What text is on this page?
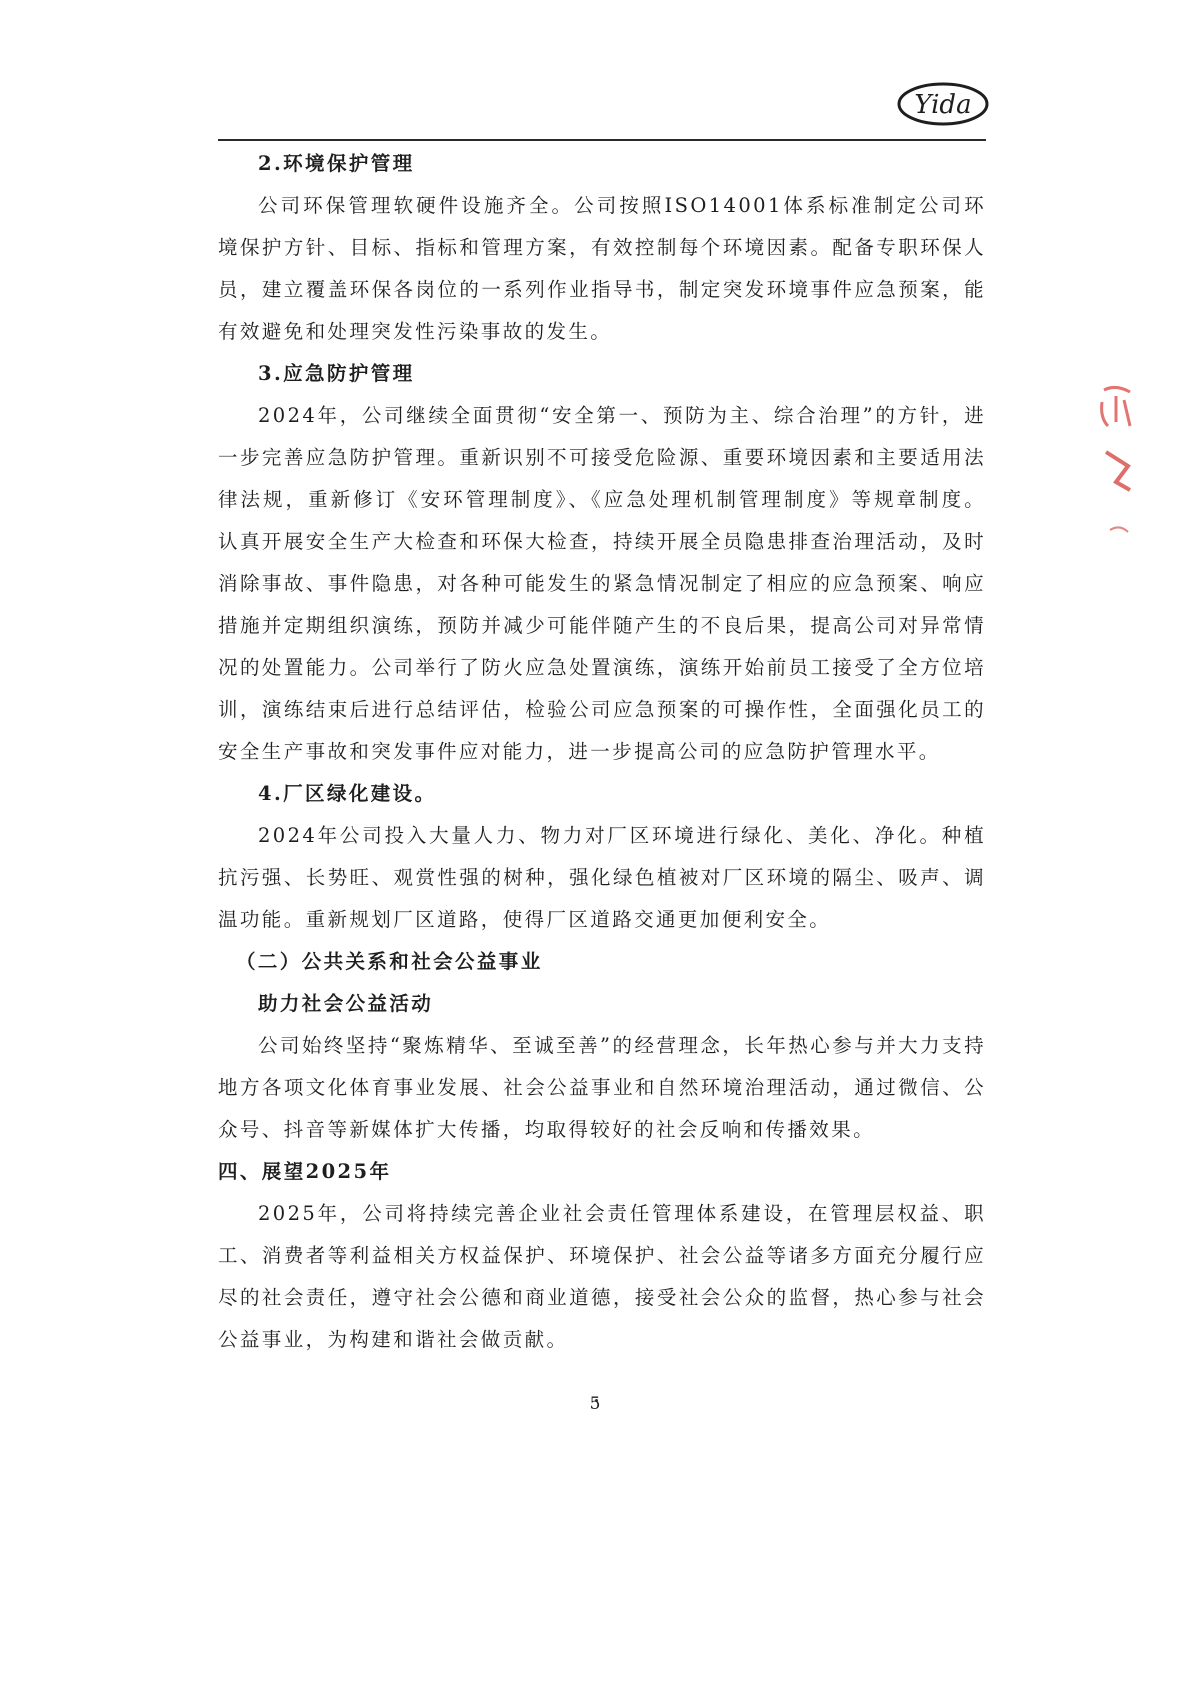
Yida

2.环境保护管理

公司环保管理软硬件设施齐全。公司按照ISO14001体系标准制定公司环境保护方针、目标、指标和管理方案，有效控制每个环境因素。配备专职环保人员，建立覆盖环保各岗位的一系列作业指导书，制定突发环境事件应急预案，能有效避免和处理突发性污染事故的发生。

3.应急防护管理

2024年，公司继续全面贯彻“安全第一、预防为主、综合治理”的方针，进一步完善应急防护管理。重新识别不可接受危险源、重要环境因素和主要适用法律法规，重新修订《安环管理制度》、《应急处理机制管理制度》等规章制度。认真开展安全生产大检查和环保大检查，持续开展全员隐患排查治理活动，及时消除事故、事件隐患，对各种可能发生的紧急情况制定了相应的应急预案、响应措施并定期组织演练，预防并减少可能伴随产生的不良后果，提高公司对异常情况的处置能力。公司举行了防火应急处置演练，演练开始前员工接受了全方位培训，演练结束后进行总结评估，检验公司应急预案的可操作性，全面强化员工的安全生产事故和突发事件应对能力，进一步提高公司的应急防护管理水平。

4.厂区绿化建设。

2024年公司投入大量人力、物力对厂区环境进行绿化、美化、净化。种植抗污强、长势旺、观赏性强的树种，强化绿色植被对厂区环境的隔尘、吸声、调温功能。重新规划厂区道路，使得厂区道路交通更加便利安全。

（二）公共关系和社会公益事业

助力社会公益活动

公司始终坚持“聚炼精华、至诚至善”的经营理念，长年热心参与并大力支持地方各项文化体育事业发展、社会公益事业和自然环境治理活动，通过微信、公众号、抖音等新媒体扩大传播，均取得较好的社会反响和传播效果。

四、展望2025年

2025年，公司将持续完善企业社会责任管理体系建设，在管理层权益、职工、消费者等利益相关方权益保护、环境保护、社会公益等诸多方面充分履行应尽的社会责任，遵守社会公德和商业道德，接受社会公众的监督，热心参与社会公益事业，为构建和谐社会做贡献。

5
